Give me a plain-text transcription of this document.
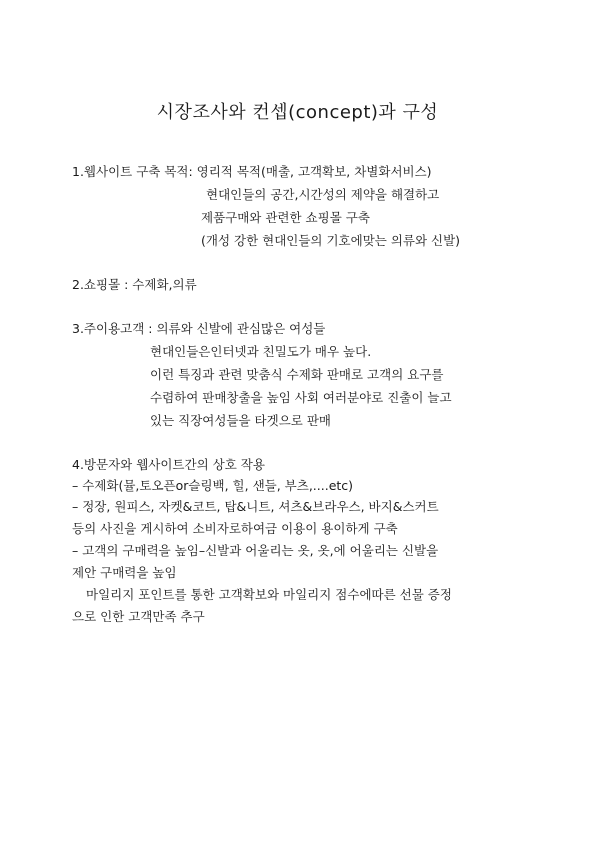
시장조사와 컨셉(concept)과 구성
1.웹사이트 구축 목적: 영리적 목적(매출, 고객확보, 차별화서비스)
현대인들의 공간,시간성의 제약을 해결하고
제품구매와 관련한 쇼핑몰 구축
(개성 강한 현대인들의 기호에맞는 의류와 신발)
2.쇼핑몰 : 수제화,의류
3.주이용고객 : 의류와 신발에 관심많은 여성들
현대인들은인터넷과 친밀도가 매우 높다.
이런 특징과 관련 맞춤식 수제화 판매로 고객의 요구를
수렴하여 판매창출을 높임 사회 여러분야로 진출이 늘고
있는 직장여성들을 타겟으로 판매
4.방문자와 웹사이트간의 상호 작용
– 수제화(뮬,토오픈or슬링백, 힐, 샌들, 부츠,....etc)
– 정장, 원피스, 자켓&코트, 탑&니트, 셔츠&브라우스, 바지&스커트
등의 사진을 게시하여 소비자로하여금 이용이 용이하게 구축
– 고객의 구매력을 높임–신발과 어울리는 옷, 옷,에 어울리는 신발을
제안 구매력을 높임
마일리지 포인트를 통한 고객확보와 마일리지 점수에따른 선물 증정
으로 인한 고객만족 추구
